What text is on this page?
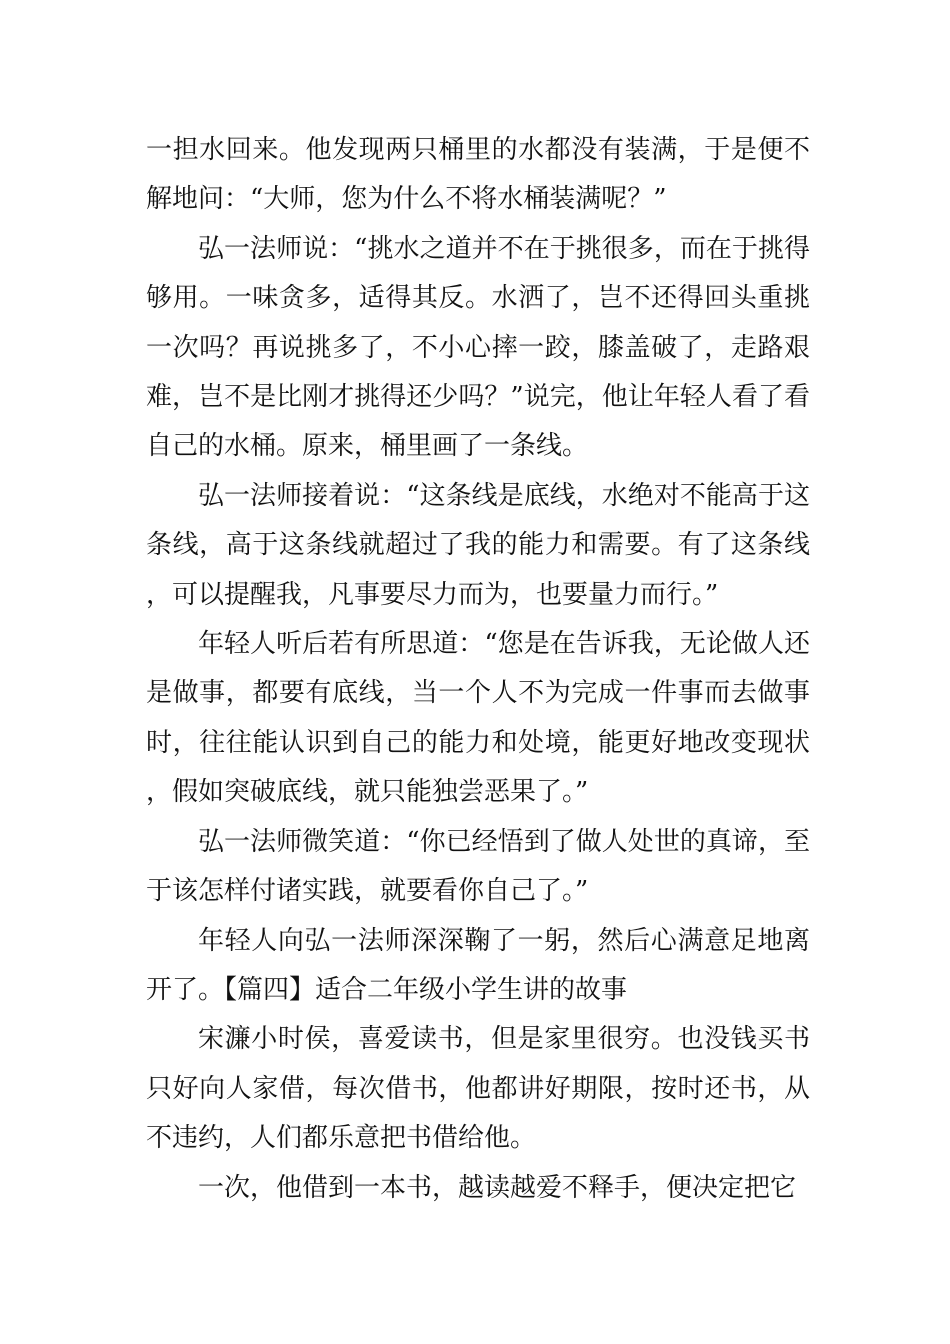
一担水回来。他发现两只桶里的水都没有装满，于是便不解地问：“大师，您为什么不将水桶装满呢？”

弘一法师说：“挑水之道并不在于挑很多，而在于挑得够用。一味贪多，适得其反。水洒了，岂不还得回头重挑一次吗？再说挑多了，不小心摔一跤，膝盖破了，走路艰难，岂不是比刚才挑得还少吗？”说完，他让年轻人看了看自己的水桶。原来，桶里画了一条线。

弘一法师接着说：“这条线是底线，水绝对不能高于这条线，高于这条线就超过了我的能力和需要。有了这条线，可以提醒我，凡事要尽力而为，也要量力而行。”

年轻人听后若有所思道：“您是在告诉我，无论做人还是做事，都要有底线，当一个人不为完成一件事而去做事时，往往能认识到自己的能力和处境，能更好地改变现状，假如突破底线，就只能独尝恶果了。”

弘一法师微笑道：“你已经悟到了做人处世的真谛，至于该怎样付诸实践，就要看你自己了。”

年轻人向弘一法师深深鞠了一躬，然后心满意足地离开了。【篇四】适合二年级小学生讲的故事

宋濂小时侯，喜爱读书，但是家里很穷。也没钱买书只好向人家借，每次借书，他都讲好期限，按时还书，从不违约，人们都乐意把书借给他。

一次，他借到一本书，越读越爱不释手，便决定把它
